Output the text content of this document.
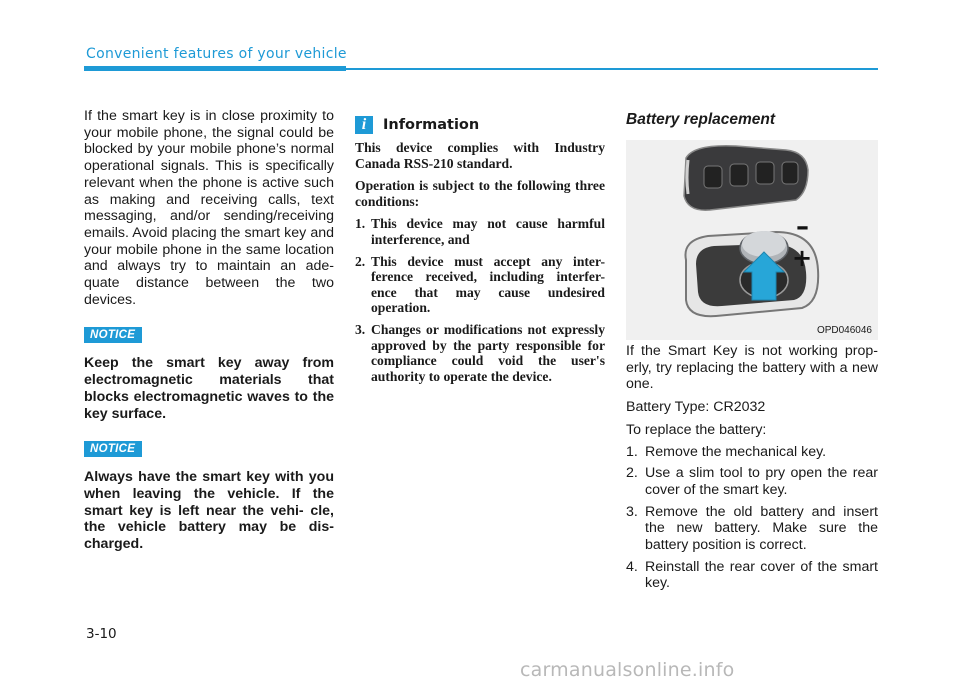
Convenient features of your vehicle

If the smart key is in close proximity to your mobile phone, the signal could be blocked by your mobile phone’s normal operational signals. This is specifically relevant when the phone is active such as making and receiving calls, text messaging, and/or sending/receiving emails. Avoid placing the smart key and your mobile phone in the same location and always try to maintain an ade- quate distance between the two devices.

NOTICE

Keep the smart key away from electromagnetic materials that blocks electromagnetic waves to the key surface.

NOTICE

Always have the smart key with you when leaving the vehicle. If the smart key is left near the vehi- cle, the vehicle battery may be dis- charged.

i	Information

This device complies with Industry Canada RSS-210 standard.

Operation is subject to the following three conditions:

1. This device may not cause harmful interference, and
2. This device must accept any inter- ference received, including interfer- ence that may cause undesired operation.
3. Changes or modifications not expressly approved by the party responsible for compliance could void the user's authority to operate the device.

Battery replacement

–
+
OPD046046

If the Smart Key is not working prop- erly, try replacing the battery with a new one.

Battery Type: CR2032

To replace the battery:

1. Remove the mechanical key.
2. Use a slim tool to pry open the rear cover of the smart key.
3. Remove the old battery and insert the new battery. Make sure the battery position is correct.
4. Reinstall the rear cover of the smart key.
3-10
carmanualsonline.info
